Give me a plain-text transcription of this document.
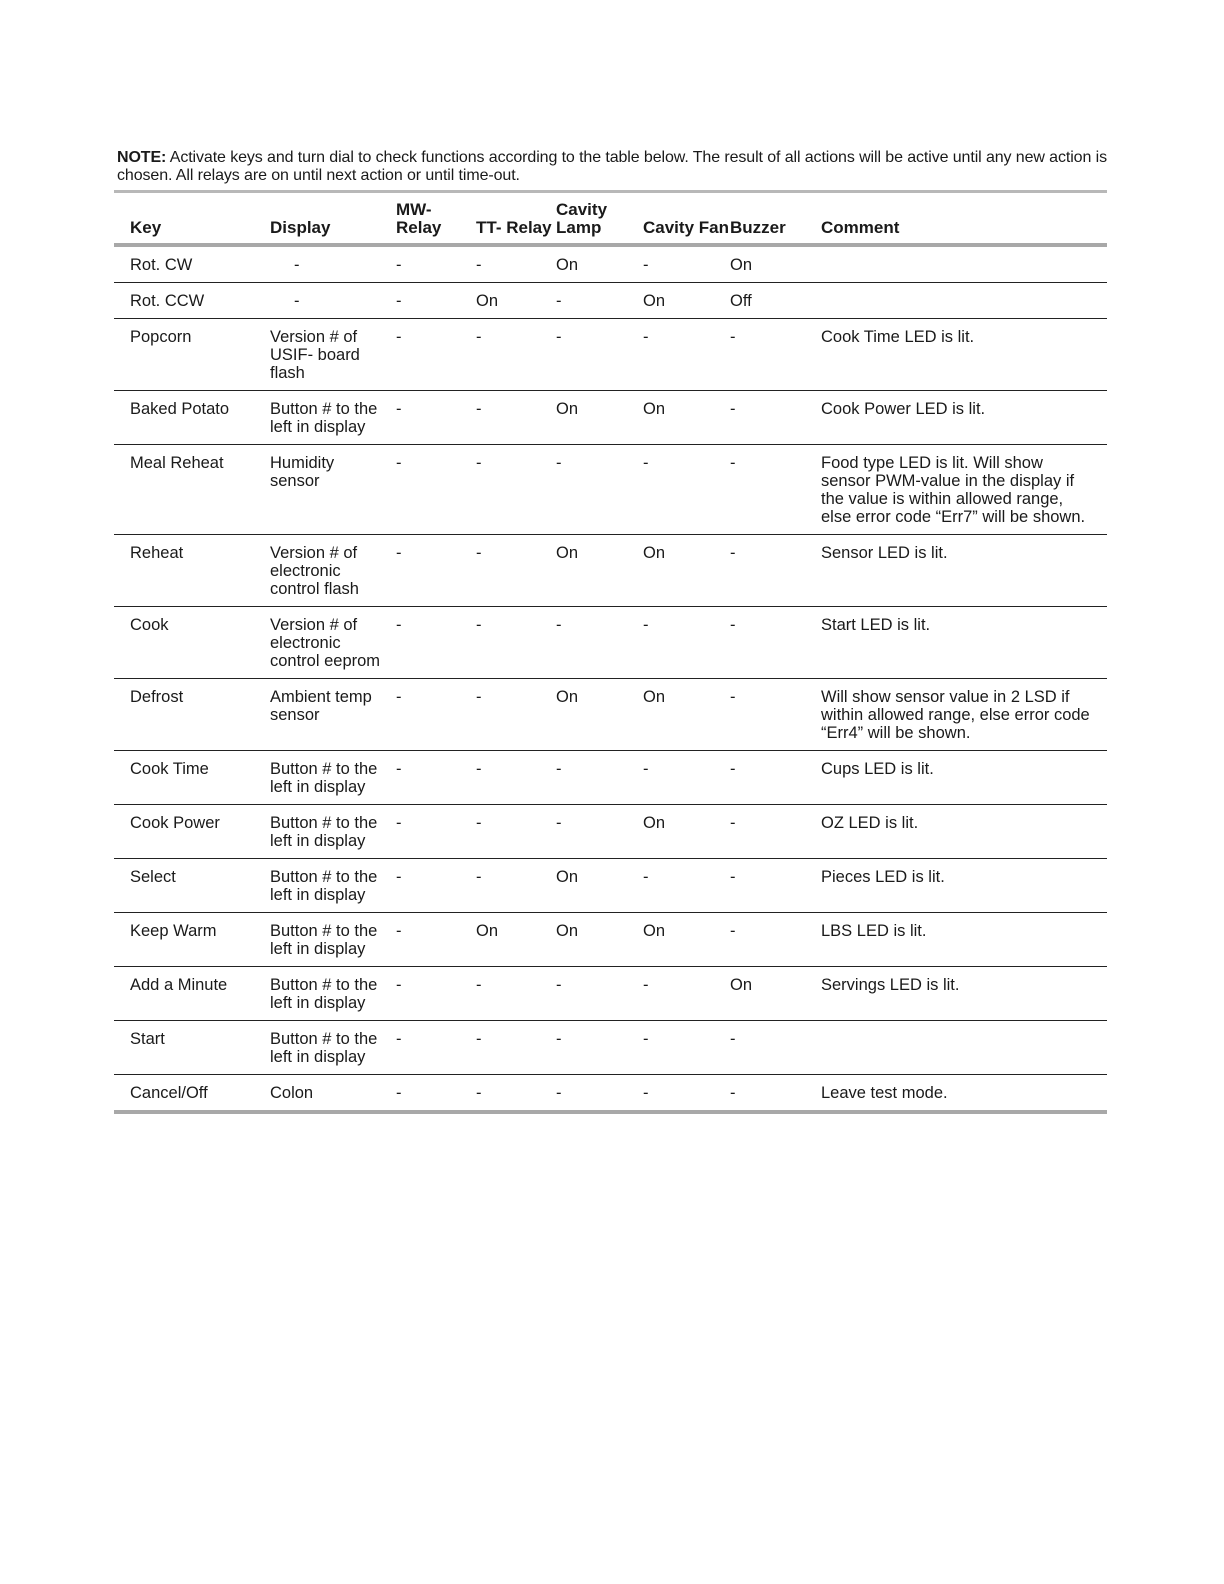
NOTE: Activate keys and turn dial to check functions according to the table below. The result of all actions will be active until any new action is chosen. All relays are on until next action or until time-out.
Key	Display	MW- Relay	TT- Relay	Cavity Lamp	Cavity Fan	Buzzer	Comment
Rot. CW	-	-	-	On	-	On	
Rot. CCW	-	-	On	-	On	Off	
Popcorn	Version # of USIF- board flash	-	-	-	-	-	Cook Time LED is lit.
Baked Potato	Button # to the left in display	-	-	On	On	-	Cook Power LED is lit.
Meal Reheat	Humidity sensor	-	-	-	-	-	Food type LED is lit. Will show sensor PWM-value in the display if the value is within allowed range, else error code “Err7” will be shown.
Reheat	Version # of electronic control flash	-	-	On	On	-	Sensor LED is lit.
Cook	Version # of electronic control eeprom	-	-	-	-	-	Start LED is lit.
Defrost	Ambient temp sensor	-	-	On	On	-	Will show sensor value in 2 LSD if within allowed range, else error code “Err4” will be shown.
Cook Time	Button # to the left in display	-	-	-	-	-	Cups LED is lit.
Cook Power	Button # to the left in display	-	-	-	On	-	OZ LED is lit.
Select	Button # to the left in display	-	-	On	-	-	Pieces LED is lit.
Keep Warm	Button # to the left in display	-	On	On	On	-	LBS LED is lit.
Add a Minute	Button # to the left in display	-	-	-	-	On	Servings LED is lit.
Start	Button # to the left in display	-	-	-	-	-	
Cancel/Off	Colon	-	-	-	-	-	Leave test mode.
